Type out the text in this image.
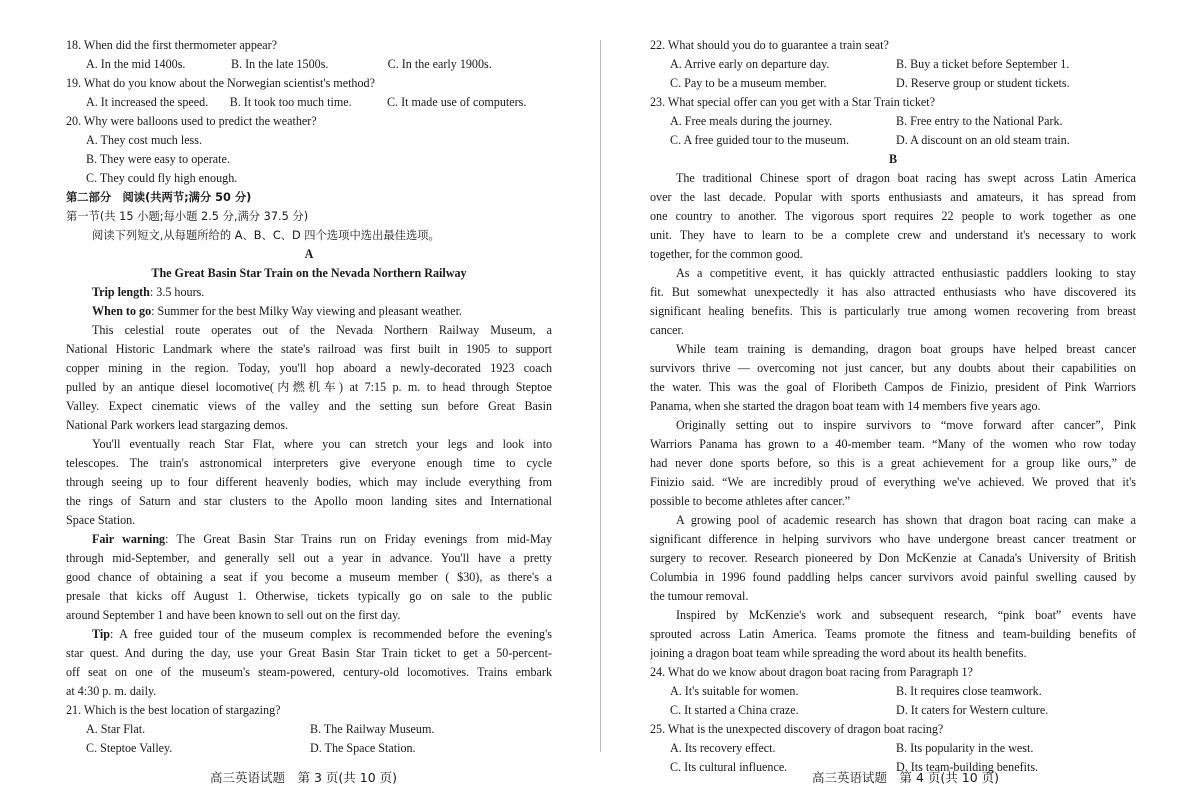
18. When did the first thermometer appear?
A. In the mid 1400s.	B. In the late 1500s.	C. In the early 1900s.
19. What do you know about the Norwegian scientist's method?
A. It increased the speed.	B. It took too much time.	C. It made use of computers.
20. Why were balloons used to predict the weather?
A. They cost much less.
B. They were easy to operate.
C. They could fly high enough.
第二部分　阅读(共两节;满分 50 分)
第一节(共 15 小题;每小题 2.5 分,满分 37.5 分)
阅读下列短文,从每题所给的 A、B、C、D 四个选项中选出最佳选项。
A
The Great Basin Star Train on the Nevada Northern Railway
Trip length: 3.5 hours.
When to go: Summer for the best Milky Way viewing and pleasant weather.
This celestial route operates out of the Nevada Northern Railway Museum, a
National Historic Landmark where the state's railroad was first built in 1905 to support
copper mining in the region. Today, you'll hop aboard a newly-decorated 1923 coach
pulled by an antique diesel locomotive(内燃机车) at 7:15 p. m. to head through Steptoe
Valley. Expect cinematic views of the valley and the setting sun before Great Basin
National Park workers lead stargazing demos.
You'll eventually reach Star Flat, where you can stretch your legs and look into
telescopes. The train's astronomical interpreters give everyone enough time to cycle
through seeing up to four different heavenly bodies, which may include everything from
the rings of Saturn and star clusters to the Apollo moon landing sites and International
Space Station.
Fair warning: The Great Basin Star Trains run on Friday evenings from mid-May
through mid-September, and generally sell out a year in advance. You'll have a pretty
good chance of obtaining a seat if you become a museum member ( $30), as there's a
presale that kicks off August 1. Otherwise, tickets typically go on sale to the public
around September 1 and have been known to sell out on the first day.
Tip: A free guided tour of the museum complex is recommended before the evening's
star quest. And during the day, use your Great Basin Star Train ticket to get a 50-percent-
off seat on one of the museum's steam-powered, century-old locomotives. Trains embark
at 4:30 p. m. daily.
21. Which is the best location of stargazing?
A. Star Flat.	B. The Railway Museum.
C. Steptoe Valley.	D. The Space Station.
22. What should you do to guarantee a train seat?
A. Arrive early on departure day.	B. Buy a ticket before September 1.
C. Pay to be a museum member.	D. Reserve group or student tickets.
23. What special offer can you get with a Star Train ticket?
A. Free meals during the journey.	B. Free entry to the National Park.
C. A free guided tour to the museum.	D. A discount on an old steam train.
B
The traditional Chinese sport of dragon boat racing has swept across Latin America
over the last decade. Popular with sports enthusiasts and amateurs, it has spread from
one country to another. The vigorous sport requires 22 people to work together as one
unit. They have to learn to be a complete crew and understand it's necessary to work
together, for the common good.
As a competitive event, it has quickly attracted enthusiastic paddlers looking to stay
fit. But somewhat unexpectedly it has also attracted enthusiasts who have discovered its
significant healing benefits. This is particularly true among women recovering from breast
cancer.
While team training is demanding, dragon boat groups have helped breast cancer
survivors thrive — overcoming not just cancer, but any doubts about their capabilities on
the water. This was the goal of Floribeth Campos de Finizio, president of Pink Warriors
Panama, when she started the dragon boat team with 14 members five years ago.
Originally setting out to inspire survivors to “move forward after cancer”, Pink
Warriors Panama has grown to a 40-member team. “Many of the women who row today
had never done sports before, so this is a great achievement for a group like ours,” de
Finizio said. “We are incredibly proud of everything we've achieved. We proved that it's
possible to become athletes after cancer.”
A growing pool of academic research has shown that dragon boat racing can make a
significant difference in helping survivors who have undergone breast cancer treatment or
surgery to recover. Research pioneered by Don McKenzie at Canada's University of British
Columbia in 1996 found paddling helps cancer survivors avoid painful swelling caused by
the tumour removal.
Inspired by McKenzie's work and subsequent research, “pink boat” events have
sprouted across Latin America. Teams promote the fitness and team-building benefits of
joining a dragon boat team while spreading the word about its health benefits.
24. What do we know about dragon boat racing from Paragraph 1?
A. It's suitable for women.	B. It requires close teamwork.
C. It started a China craze.	D. It caters for Western culture.
25. What is the unexpected discovery of dragon boat racing?
A. Its recovery effect.	B. Its popularity in the west.
C. Its cultural influence.	D. Its team-building benefits.
高三英语试题　第 3 页(共 10 页)	高三英语试题　第 4 页(共 10 页)
